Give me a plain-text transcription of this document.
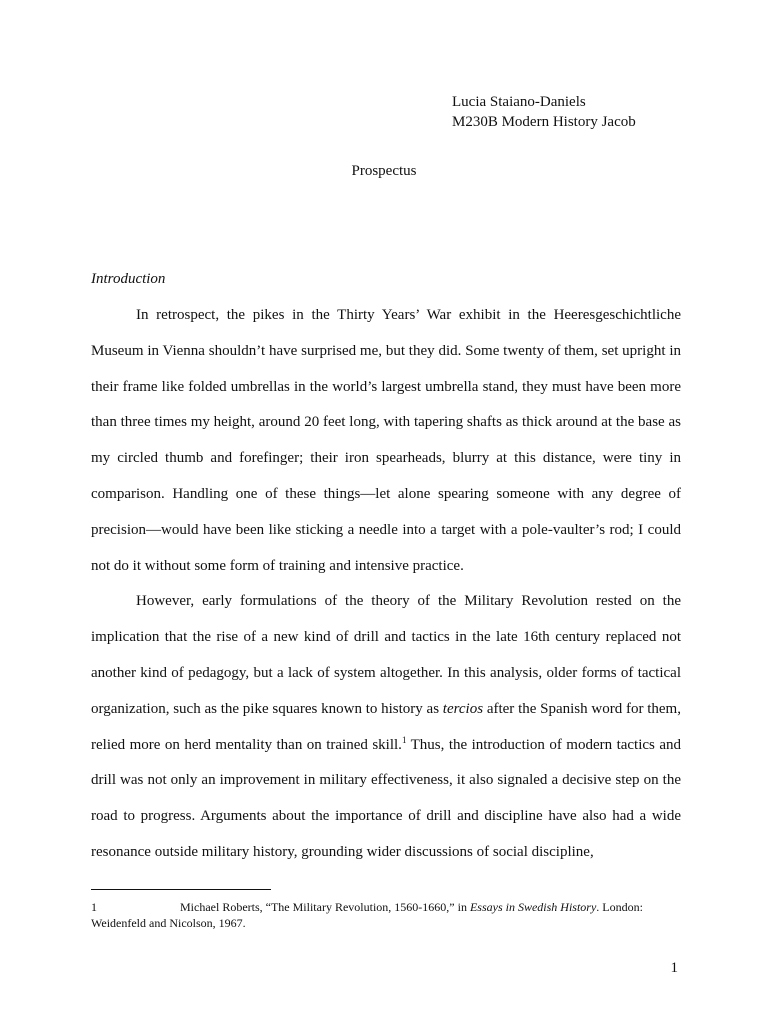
Lucia Staiano-Daniels
M230B Modern History Jacob
Prospectus
Introduction

In retrospect, the pikes in the Thirty Years’ War exhibit in the Heeresgeschichtliche Museum in Vienna shouldn’t have surprised me, but they did. Some twenty of them, set upright in their frame like folded umbrellas in the world’s largest umbrella stand, they must have been more than three times my height, around 20 feet long, with tapering shafts as thick around at the base as my circled thumb and forefinger; their iron spearheads, blurry at this distance, were tiny in comparison. Handling one of these things—let alone spearing someone with any degree of precision—would have been like sticking a needle into a target with a pole-vaulter’s rod; I could not do it without some form of training and intensive practice.

However, early formulations of the theory of the Military Revolution rested on the implication that the rise of a new kind of drill and tactics in the late 16th century replaced not another kind of pedagogy, but a lack of system altogether. In this analysis, older forms of tactical organization, such as the pike squares known to history as tercios after the Spanish word for them, relied more on herd mentality than on trained skill.$^1$ Thus, the introduction of modern tactics and drill was not only an improvement in military effectiveness, it also signaled a decisive step on the road to progress. Arguments about the importance of drill and discipline have also had a wide resonance outside military history, grounding wider discussions of social discipline,

1	Michael Roberts, “The Military Revolution, 1560-1660,” in Essays in Swedish History. London: Weidenfeld and Nicolson, 1967.
1
